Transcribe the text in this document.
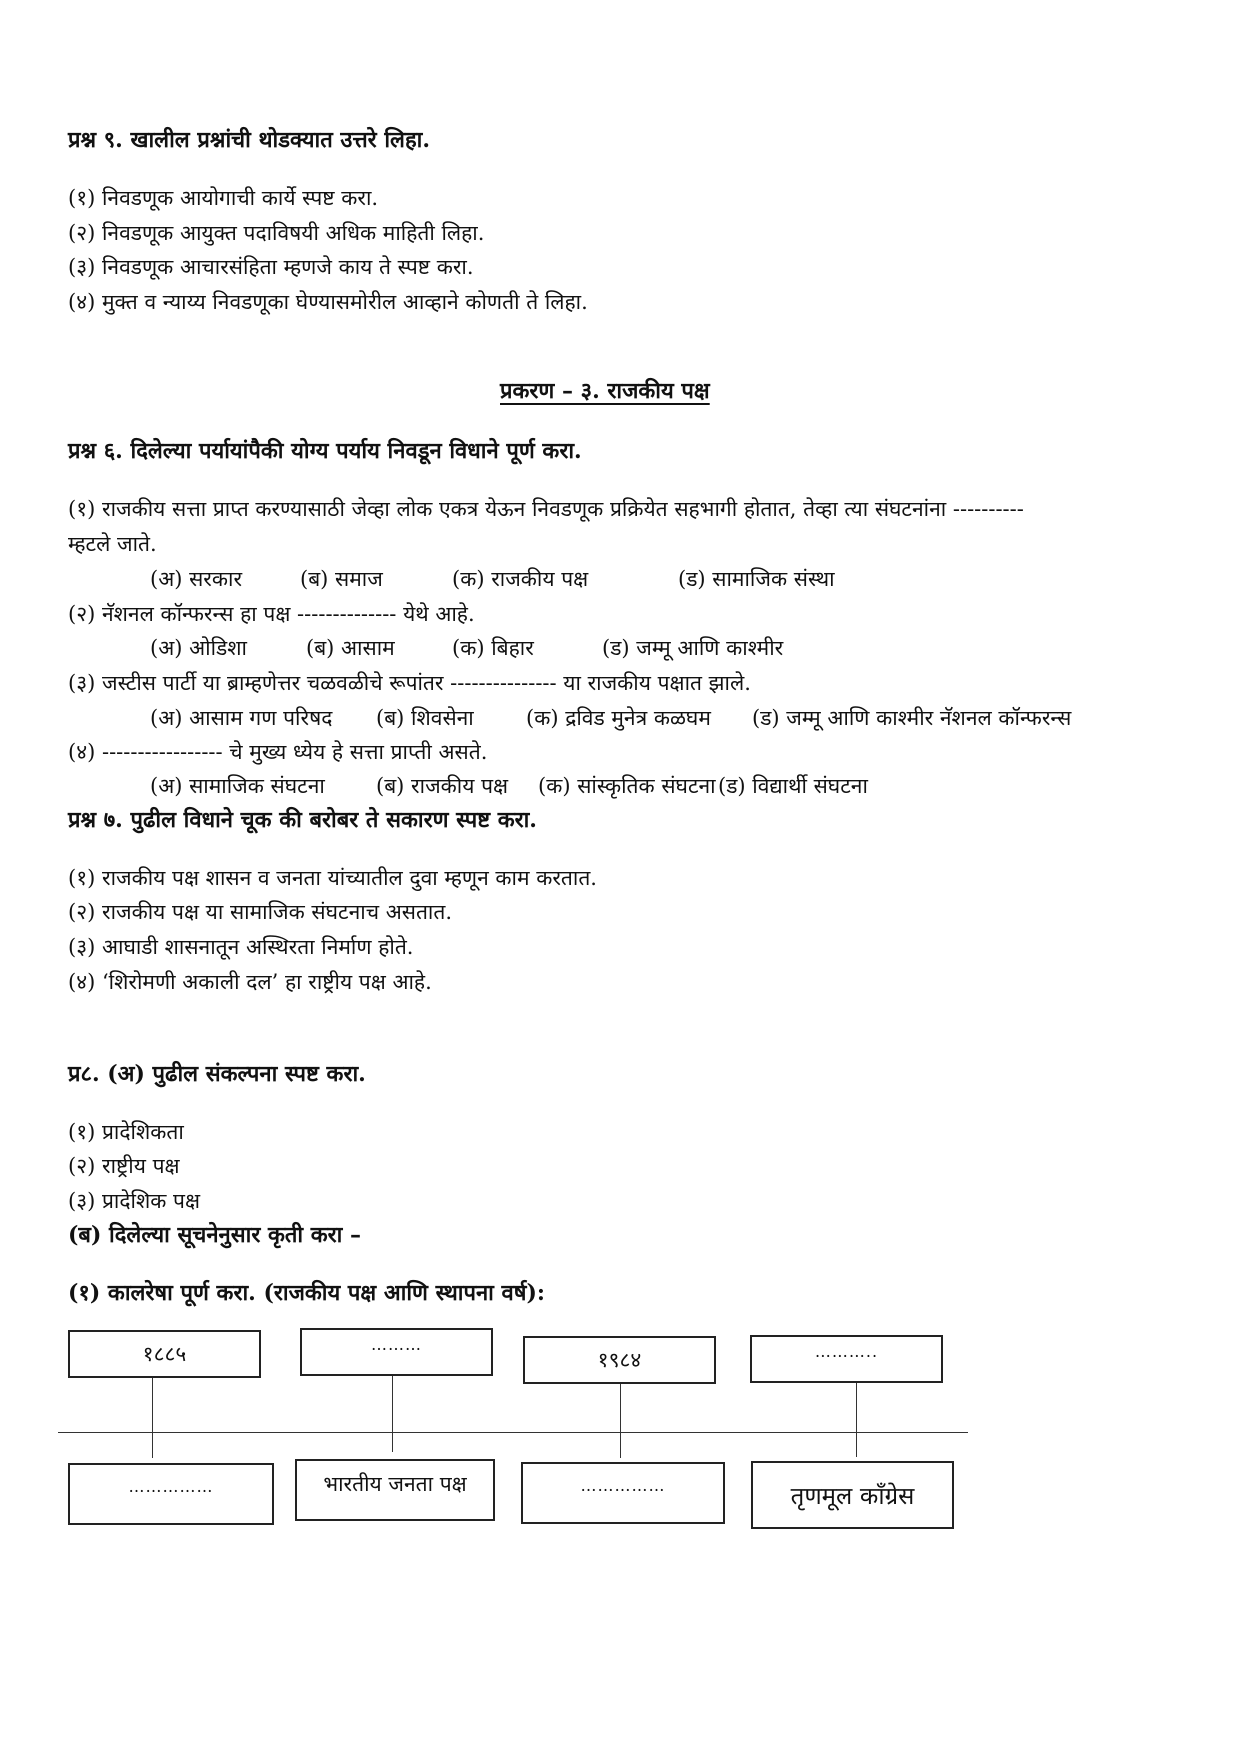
प्रश्न ९. खालील प्रश्नांची थोडक्यात उत्तरे लिहा.
(१) निवडणूक आयोगाची कार्ये स्पष्ट करा.
(२) निवडणूक आयुक्त पदाविषयी अधिक माहिती लिहा.
(३) निवडणूक आचारसंहिता म्हणजे काय ते स्पष्ट करा.
(४) मुक्त व न्याय्य निवडणूका घेण्यासमोरील आव्हाने कोणती ते लिहा.
प्रकरण – ३. राजकीय पक्ष
प्रश्न ६. दिलेल्या पर्यायांपैकी योग्य पर्याय निवडून विधाने पूर्ण करा.
(१) राजकीय सत्ता प्राप्त करण्यासाठी जेव्हा लोक एकत्र येऊन निवडणूक प्रक्रियेत सहभागी होतात, तेव्हा त्या संघटनांना ----------
म्हटले जाते.
(अ) सरकार	(ब) समाज	(क) राजकीय पक्ष	(ड) सामाजिक संस्था
(२) नॅशनल कॉन्फरन्स हा पक्ष -------------- येथे आहे.
(अ) ओडिशा	(ब) आसाम	(क) बिहार	(ड) जम्मू आणि काश्मीर
(३) जस्टीस पार्टी या ब्राम्हणेत्तर चळवळीचे रूपांतर --------------- या राजकीय पक्षात झाले.
(अ) आसाम गण परिषद (ब) शिवसेना (क) द्रविड मुनेत्र कळघम (ड) जम्मू आणि काश्मीर नॅशनल कॉन्फरन्स
(४) ----------------- चे मुख्य ध्येय हे सत्ता प्राप्ती असते.
(अ) सामाजिक संघटना (ब) राजकीय पक्ष (क) सांस्कृतिक संघटना (ड) विद्यार्थी संघटना
प्रश्न ७. पुढील विधाने चूक की बरोबर ते सकारण स्पष्ट करा.
(१) राजकीय पक्ष शासन व जनता यांच्यातील दुवा म्हणून काम करतात.
(२) राजकीय पक्ष या सामाजिक संघटनाच असतात.
(३) आघाडी शासनातून अस्थिरता निर्माण होते.
(४) ‘शिरोमणी अकाली दल’ हा राष्ट्रीय पक्ष आहे.
प्र८. (अ) पुढील संकल्पना स्पष्ट करा.
(१) प्रादेशिकता
(२) राष्ट्रीय पक्ष
(३) प्रादेशिक पक्ष
(ब) दिलेल्या सूचनेनुसार कृती करा –
(१) कालरेषा पूर्ण करा. (राजकीय पक्ष आणि स्थापना वर्ष):
१८८५	………
१९८४	………..
……………	भारतीय जनता पक्ष	……………	तृणमूल काँग्रेस
